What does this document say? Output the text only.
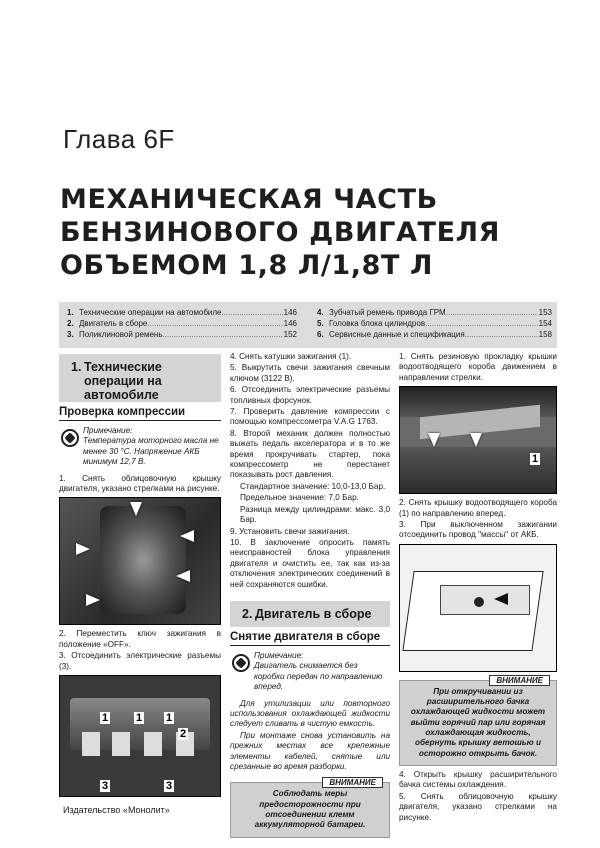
Глава 6F
МЕХАНИЧЕСКАЯ ЧАСТЬ
БЕНЗИНОВОГО ДВИГАТЕЛЯ
ОБЪЕМОМ 1,8 Л/1,8Т Л
1. Технические операции на автомобиле .....	146
2. Двигатель в сборе .....	146
3. Поликлиновой ремень .....	152
4. Зубчатый ремень привода ГРМ .....	153
5. Головка блока цилиндров .....	154
6. Сервисные данные и спецификация .....	158
1. Технические операции на автомобиле
Проверка компрессии
Примечание:
Температура моторного масла не менее 30 °С. Напряжение АКБ минимум 12,7 В.

1. Снять облицовочную крышку двигателя, указано стрелками на рисунке.

2. Переместить ключ зажигания в положение «OFF».

3. Отсоединить электрические разъемы (3).

1	1 1
2
3	3

4. Снять катушки зажигания (1).

5. Выкрутить свечи зажигания свечным ключом (3122 B).

6. Отсоединить электрические разъемы топливных форсунок.

7. Проверить давление компрессии с помощью компрессометра V.A.G 1763.

8. Второй механик должен полностью выжать педаль акселератора и в то же время прокручивать стартер, пока компрессометр не перестанет показывать рост давления.

Стандартное значение: 10,0-13,0 Бар.

Предельное значение: 7,0 Бар.

Разница между цилиндрами: макс. 3,0 Бар.

9. Установить свечи зажигания.

10. В заключение опросить память неисправностей блока управления двигателя и очистить ее, так как из-за отключения электрических соединений в ней сохраняются ошибки.

2. Двигатель в сборе
Снятие двигателя в сборе
Примечание:
Двигатель снимается без коробки передач по направлению вперед.

Для утилизации или повторного использования охлаждающей жидкости следует сливать в чистую емкость.

При монтаже снова установить на прежних местах все крепежные элементы кабелей, снятые или срезанные во время разборки.

ВНИМАНИЕ
Соблюдать меры предосторожности при отсоединении клемм аккумуляторной батареи.

1. Снять резиновую прокладку крышки водоотводящего короба движением в направлении стрелки.

1

2. Снять крышку водоотводящего короба (1) по направлению вперед.

3. При выключенном зажигании отсоединить провод "массы" от АКБ.

ВНИМАНИЕ
При откручивании из расширительного бачка охлаждающей жидкости может выйти горячий пар или горячая охлаждающая жидкость, обернуть крышку ветошью и осторожно открыть бачок.

4. Открыть крышку расширительного бачка системы охлаждения.

5. Снять облицовочную крышку двигателя, указано стрелками на рисунке.

Издательство «Монолит»
